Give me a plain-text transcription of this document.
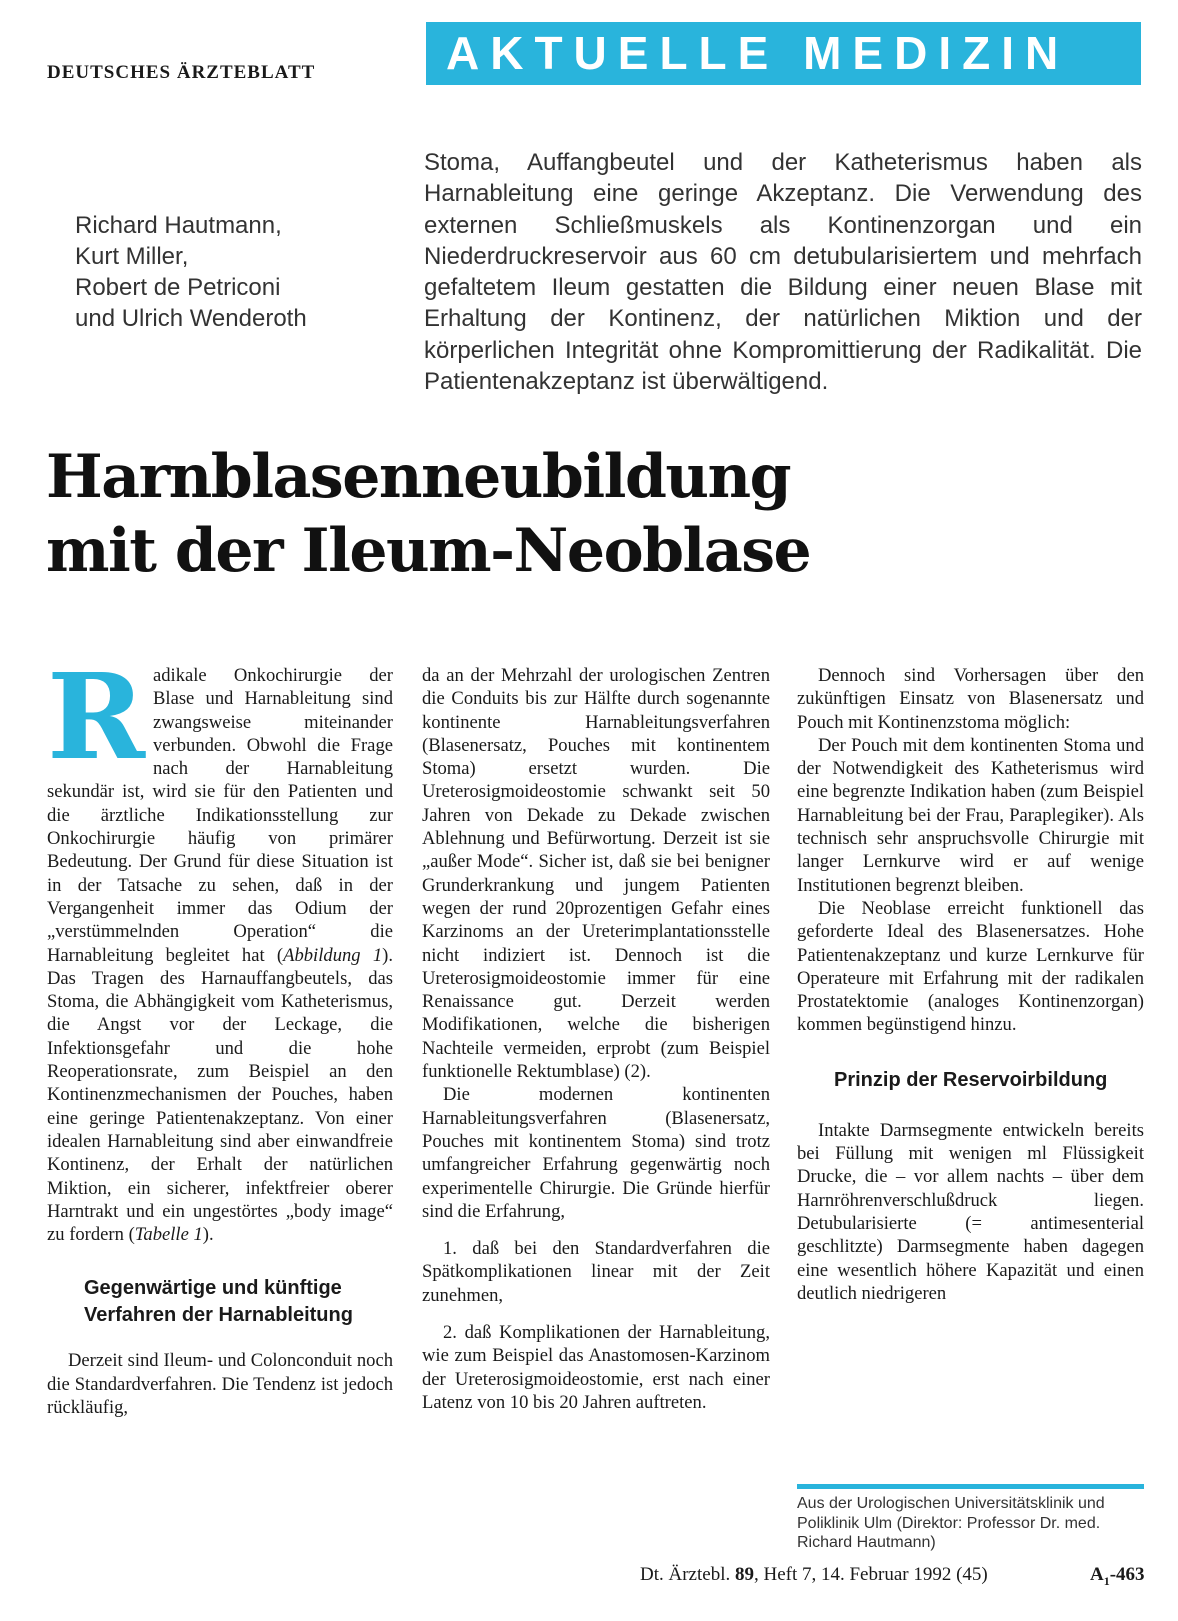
DEUTSCHES ÄRZTEBLATT	AKTUELLE MEDIZIN
Richard Hautmann,
Kurt Miller,
Robert de Petriconi
und Ulrich Wenderoth
Stoma, Auffangbeutel und der Katheterismus haben als Harnableitung eine geringe Akzeptanz. Die Verwendung des externen Schließmuskels als Kontinenzorgan und ein Niederdruckreservoir aus 60 cm detubularisiertem und mehrfach gefaltetem Ileum gestatten die Bildung einer neuen Blase mit Erhaltung der Kontinenz, der natürlichen Miktion und der körperlichen Integrität ohne Kompromittierung der Radikalität. Die Patientenakzeptanz ist überwältigend.
Harnblasenneubildung
mit der Ileum-Neoblase

Radikale Onkochirurgie der Blase und Harnableitung sind zwangsweise miteinander verbunden. Obwohl die Frage nach der Harnableitung sekundär ist, wird sie für den Patienten und die ärztliche Indikationsstellung zur Onkochirurgie häufig von primärer Bedeutung. Der Grund für diese Situation ist in der Tatsache zu sehen, daß in der Vergangenheit immer das Odium der „verstümmelnden Operation“ die Harnableitung begleitet hat (Abbildung 1). Das Tragen des Harnauffangbeutels, das Stoma, die Abhängigkeit vom Katheterismus, die Angst vor der Leckage, die Infektionsgefahr und die hohe Reoperationsrate, zum Beispiel an den Kontinenzmechanismen der Pouches, haben eine geringe Patientenakzeptanz. Von einer idealen Harnableitung sind aber einwandfreie Kontinenz, der Erhalt der natürlichen Miktion, ein sicherer, infektfreier oberer Harntrakt und ein ungestörtes „body image“ zu fordern (Tabelle 1).

Gegenwärtige und künftige Verfahren der Harnableitung

Derzeit sind Ileum- und Colonconduit noch die Standardverfahren. Die Tendenz ist jedoch rückläufig,

da an der Mehrzahl der urologischen Zentren die Conduits bis zur Hälfte durch sogenannte kontinente Harnableitungsverfahren (Blasenersatz, Pouches mit kontinentem Stoma) ersetzt wurden. Die Ureterosigmoideostomie schwankt seit 50 Jahren von Dekade zu Dekade zwischen Ablehnung und Befürwortung. Derzeit ist sie „außer Mode“. Sicher ist, daß sie bei benigner Grunderkrankung und jungem Patienten wegen der rund 20prozentigen Gefahr eines Karzinoms an der Ureterimplantationsstelle nicht indiziert ist. Dennoch ist die Ureterosigmoideostomie immer für eine Renaissance gut. Derzeit werden Modifikationen, welche die bisherigen Nachteile vermeiden, erprobt (zum Beispiel funktionelle Rektumblase) (2).

Die modernen kontinenten Harnableitungsverfahren (Blasenersatz, Pouches mit kontinentem Stoma) sind trotz umfangreicher Erfahrung gegenwärtig noch experimentelle Chirurgie. Die Gründe hierfür sind die Erfahrung,

1. daß bei den Standardverfahren die Spätkomplikationen linear mit der Zeit zunehmen,

2. daß Komplikationen der Harnableitung, wie zum Beispiel das Anastomosen-Karzinom der Ureterosigmoideostomie, erst nach einer Latenz von 10 bis 20 Jahren auftreten.

Dennoch sind Vorhersagen über den zukünftigen Einsatz von Blasenersatz und Pouch mit Kontinenzstoma möglich:

Der Pouch mit dem kontinenten Stoma und der Notwendigkeit des Katheterismus wird eine begrenzte Indikation haben (zum Beispiel Harnableitung bei der Frau, Paraplegiker). Als technisch sehr anspruchsvolle Chirurgie mit langer Lernkurve wird er auf wenige Institutionen begrenzt bleiben.

Die Neoblase erreicht funktionell das geforderte Ideal des Blasenersatzes. Hohe Patientenakzeptanz und kurze Lernkurve für Operateure mit Erfahrung mit der radikalen Prostatektomie (analoges Kontinenzorgan) kommen begünstigend hinzu.

Prinzip der Reservoirbildung

Intakte Darmsegmente entwickeln bereits bei Füllung mit wenigen ml Flüssigkeit Drucke, die – vor allem nachts – über dem Harnröhrenverschlußdruck liegen. Detubularisierte (= antimesenterial geschlitzte) Darmsegmente haben dagegen eine wesentlich höhere Kapazität und einen deutlich niedrigeren

Aus der Urologischen Universitätsklinik und Poliklinik Ulm (Direktor: Professor Dr. med. Richard Hautmann)
Dt. Ärztebl. 89, Heft 7, 14. Februar 1992 (45)	$A_1-463$
